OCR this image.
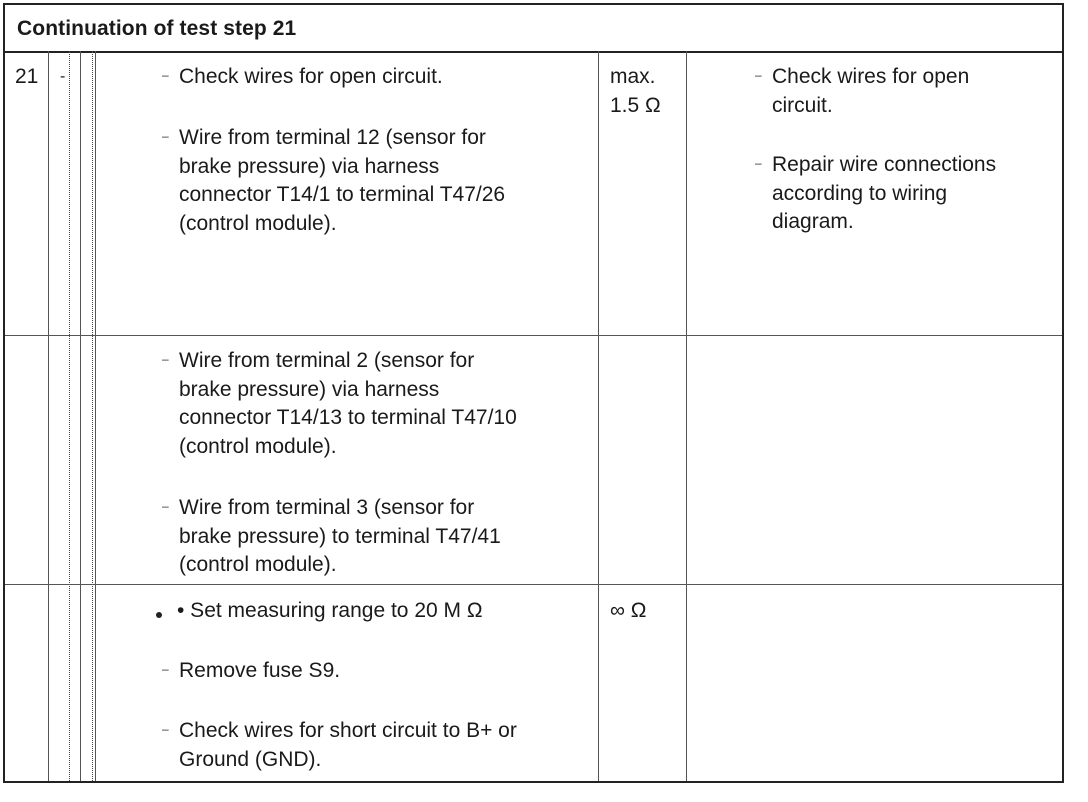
Continuation of test step 21
21 -	– Check wires for open circuit.
– Wire from terminal 12 (sensor for
brake pressure) via harness
connector T14/1 to terminal T47/26
(control module).
max.
1.5 Ω
– Check wires for open
circuit.
– Repair wire connections
according to wiring
diagram.
– Wire from terminal 2 (sensor for
brake pressure) via harness
connector T14/13 to terminal T47/10
(control module).
– Wire from terminal 3 (sensor for
brake pressure) to terminal T47/41
(control module).
• Set measuring range to 20 M Ω
– Remove fuse S9.
– Check wires for short circuit to B+ or
Ground (GND).
∞ Ω
